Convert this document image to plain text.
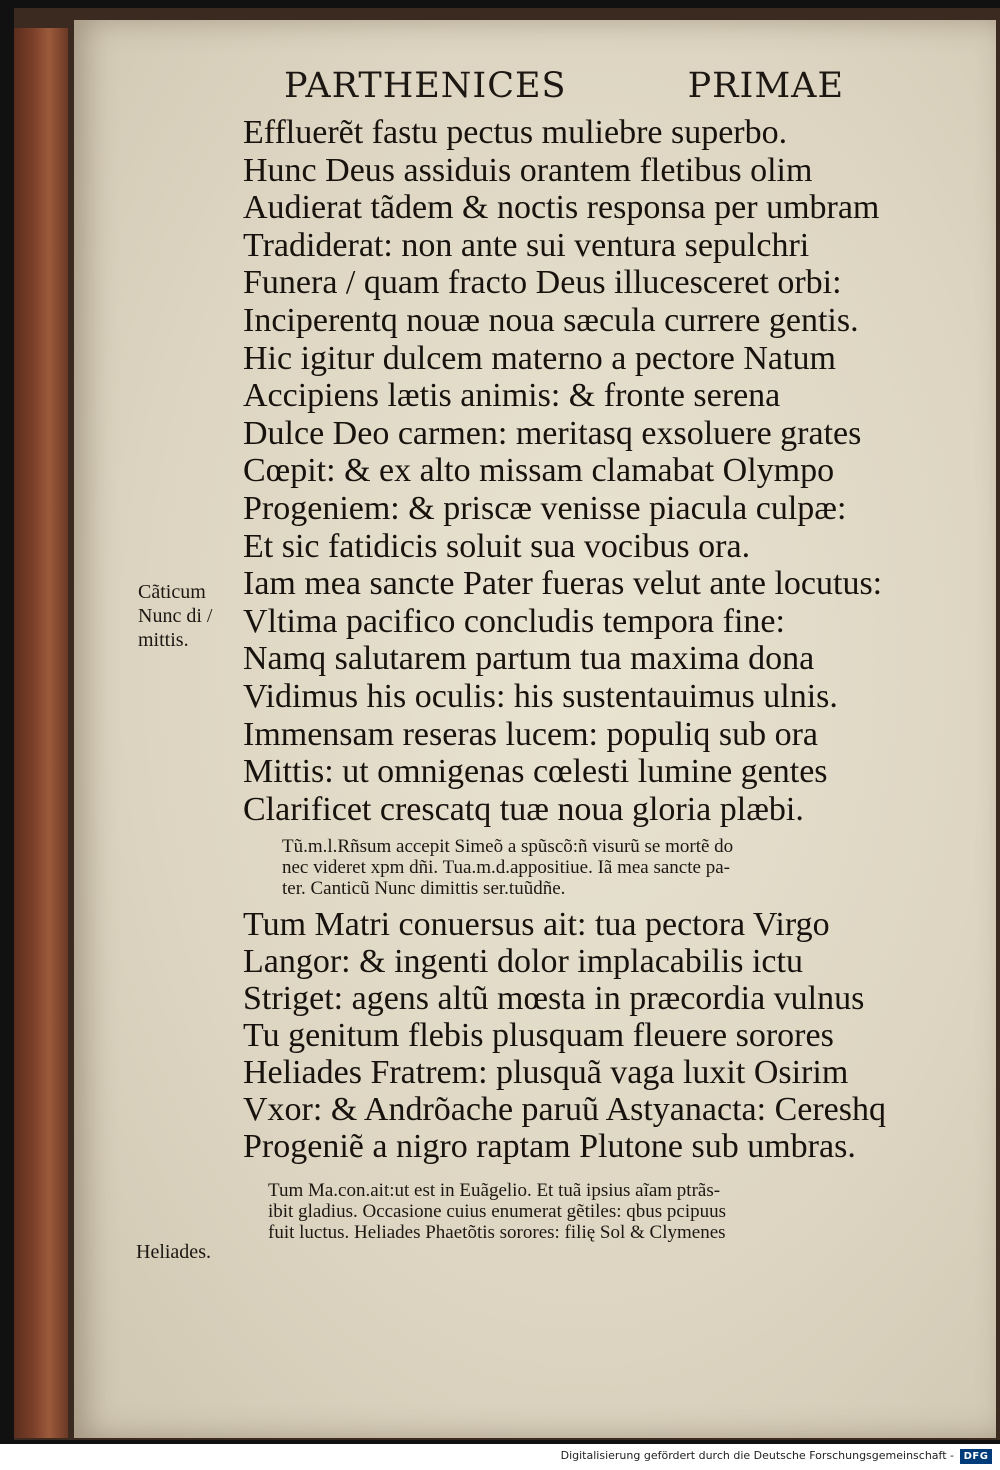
PARTHENICES	PRIMAE
Effluerẽt fastu pectus muliebre superbo.
Hunc Deus assiduis orantem fletibus olim
Audierat tãdem & noctis responsa per umbram
Tradiderat: non ante sui ventura sepulchri
Funera / quam fracto Deus illucesceret orbi:
Inciperentq nouæ noua sæcula currere gentis.
Hic igitur dulcem materno a pectore Natum
Accipiens lætis animis: & fronte serena
Dulce Deo carmen: meritasq exsoluere grates
Cœpit: & ex alto missam clamabat Olympo
Progeniem: & priscæ venisse piacula culpæ:
Et sic fatidicis soluit sua vocibus ora.
Iam mea sancte Pater fueras velut ante locutus:
Vltima pacifico concludis tempora fine:
Namq salutarem partum tua maxima dona
Vidimus his oculis: his sustentauimus ulnis.
Immensam reseras lucem: populiq sub ora
Mittis: ut omnigenas cœlesti lumine gentes
Clarificet crescatq tuæ noua gloria plæbi.
Tũ.m.l.Rñsum accepit Simeõ a spũscõ:ñ visurũ se mortẽ do
nec videret xpm dñi. Tua.m.d.appositiue. Iã mea sancte pa-
ter. Canticũ Nunc dimittis ser.tuũdñe.
Tum Matri conuersus ait: tua pectora Virgo
Langor: & ingenti dolor implacabilis ictu
Striget: agens altũ mœsta in præcordia vulnus
Tu genitum flebis plusquam fleuere sorores
Heliades Fratrem: plusquã vaga luxit Osirim
Vxor: & Andrõache paruũ Astyanacta: Cereshq
Progeniẽ a nigro raptam Plutone sub umbras.
Tum Ma.con.ait:ut est in Euãgelio. Et tuã ipsius aĩam ptrãs-
ibit gladius. Occasione cuius enumerat gẽtiles: qbus pcipuus
fuit luctus. Heliades Phaetõtis sorores: filię Sol & Clymenes
Cãticum
Nunc di /
mittis.
Heliades.
Digitalisierung gefördert durch die Deutsche Forschungsgemeinschaft - DFG
